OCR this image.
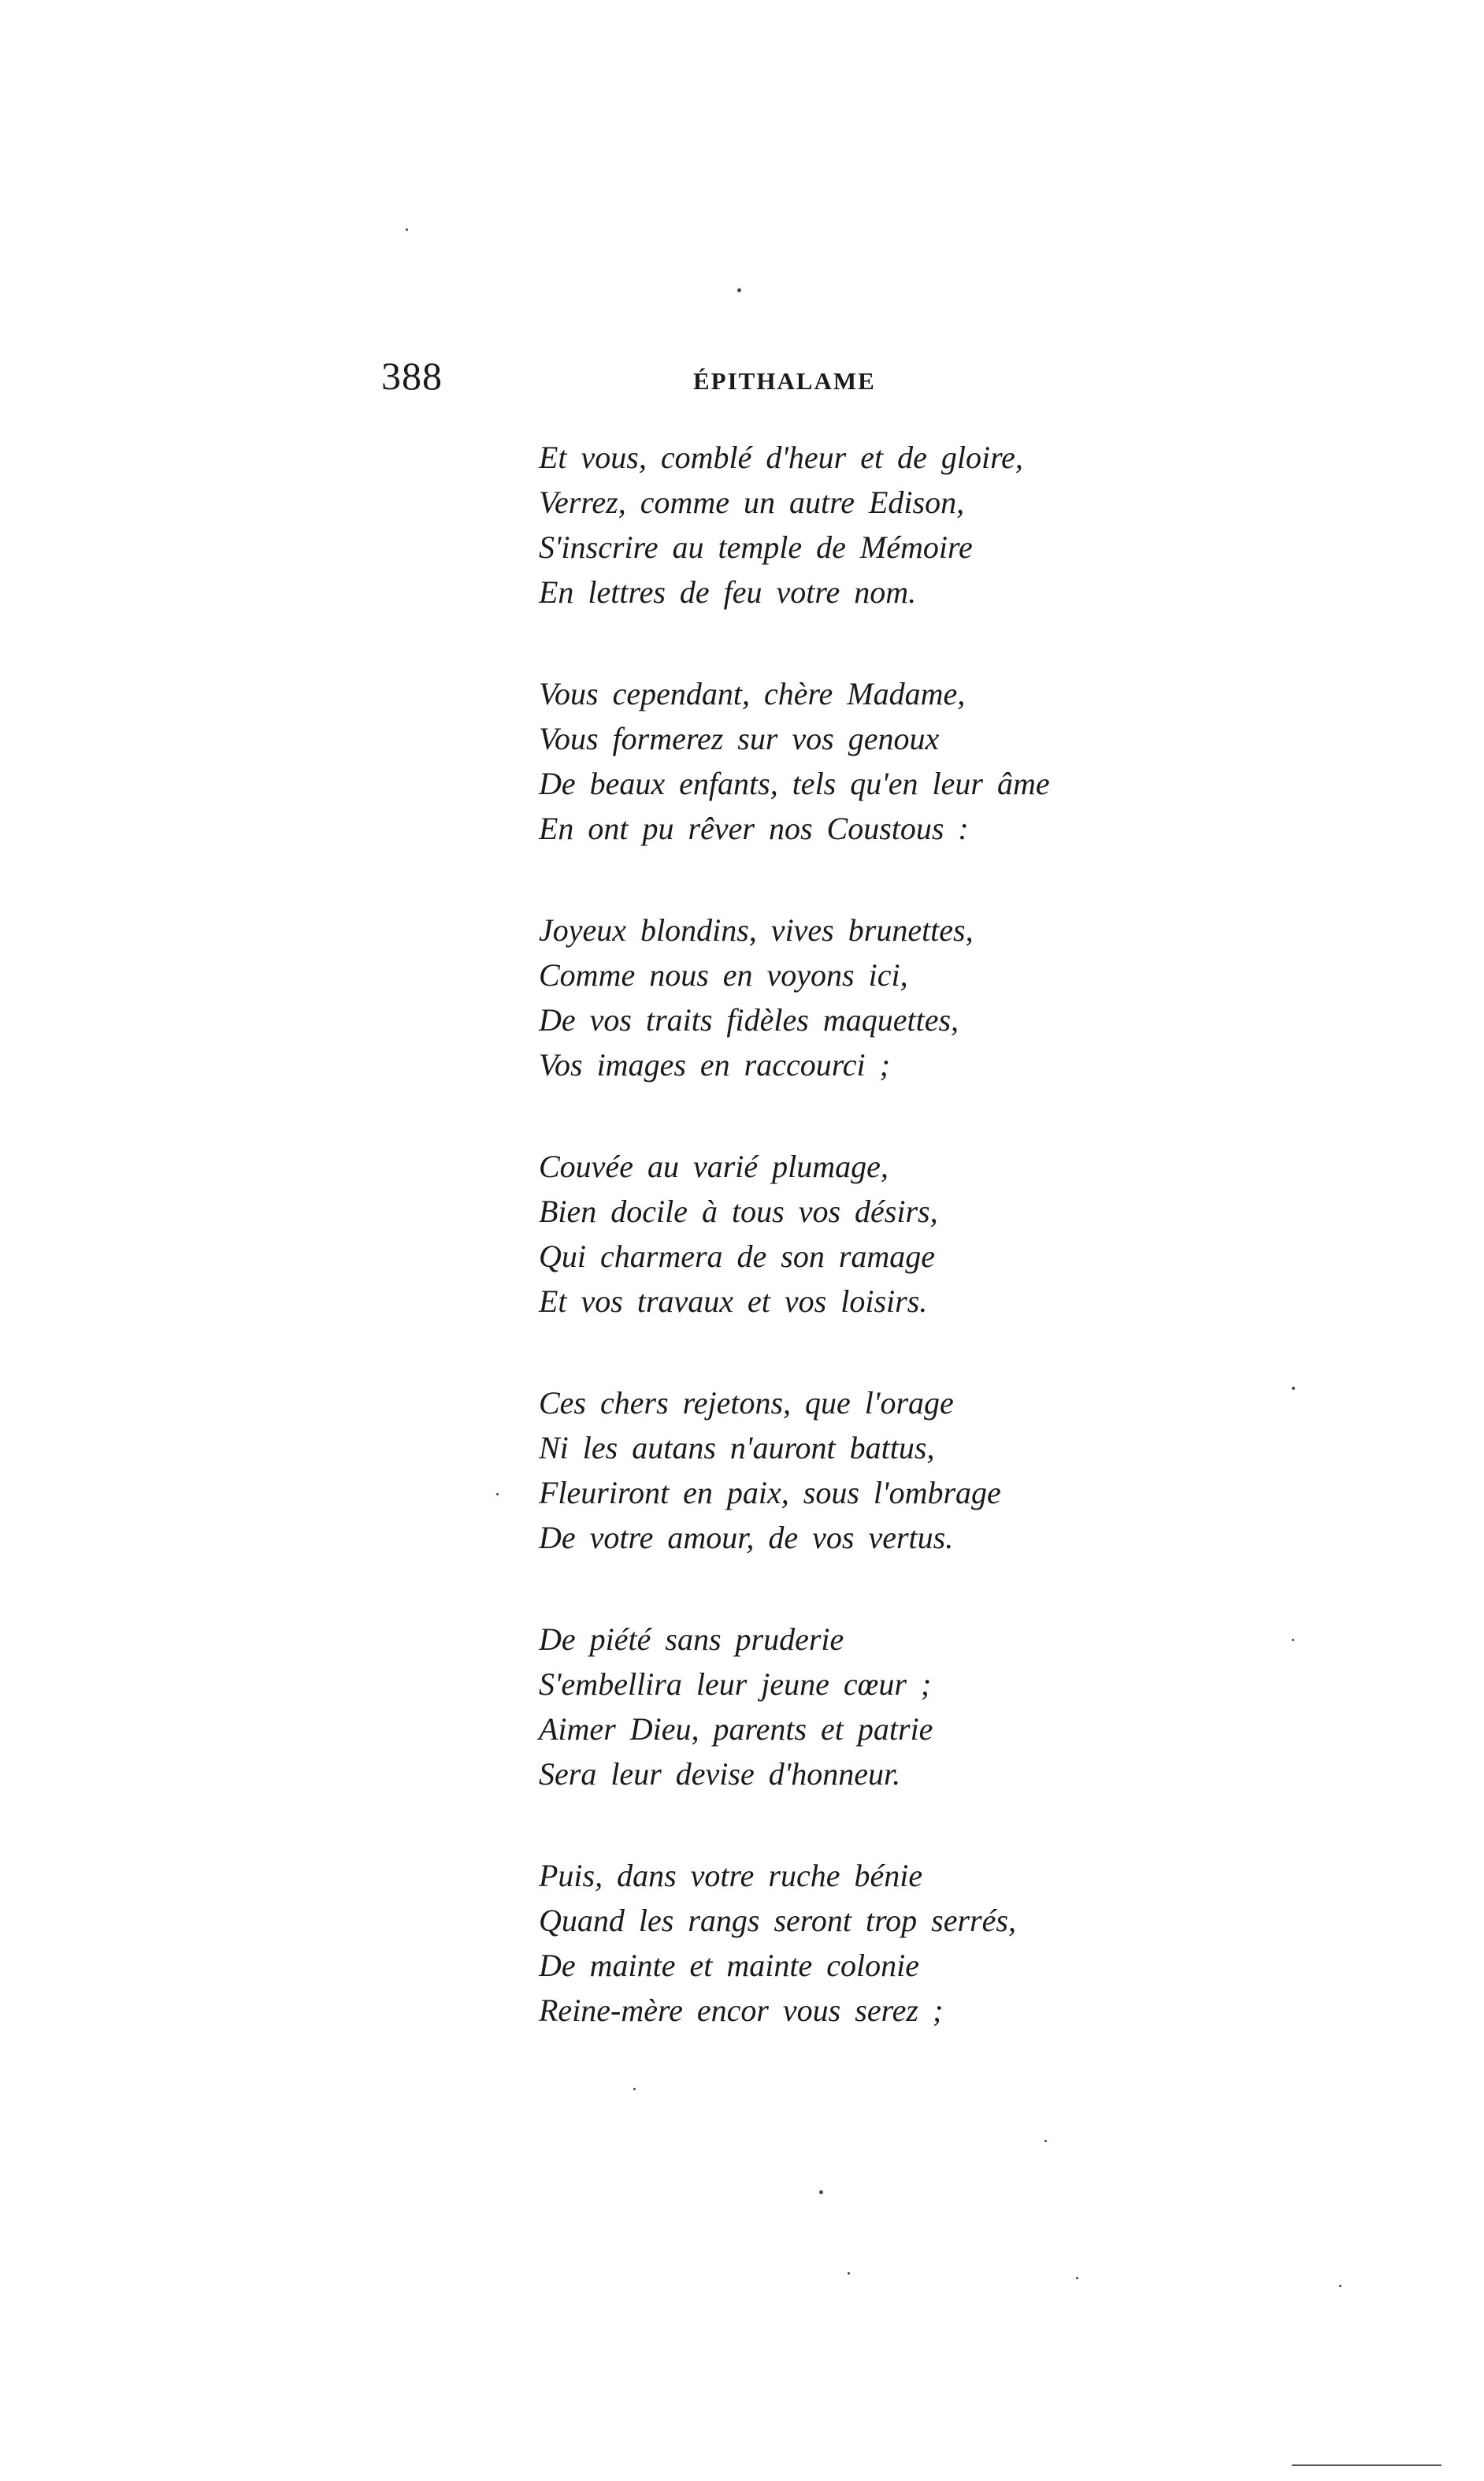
388	ÉPITHALAME
Et vous, comblé d'heur et de gloire,
Verrez, comme un autre Edison,
S'inscrire au temple de Mémoire
En lettres de feu votre nom.
Vous cependant, chère Madame,
Vous formerez sur vos genoux
De beaux enfants, tels qu'en leur âme
En ont pu rêver nos Coustous :
Joyeux blondins, vives brunettes,
Comme nous en voyons ici,
De vos traits fidèles maquettes,
Vos images en raccourci ;
Couvée au varié plumage,
Bien docile à tous vos désirs,
Qui charmera de son ramage
Et vos travaux et vos loisirs.
Ces chers rejetons, que l'orage
Ni les autans n'auront battus,
Fleuriront en paix, sous l'ombrage
De votre amour, de vos vertus.
De piété sans pruderie
S'embellira leur jeune cœur ;
Aimer Dieu, parents et patrie
Sera leur devise d'honneur.
Puis, dans votre ruche bénie
Quand les rangs seront trop serrés,
De mainte et mainte colonie
Reine-mère encor vous serez ;
